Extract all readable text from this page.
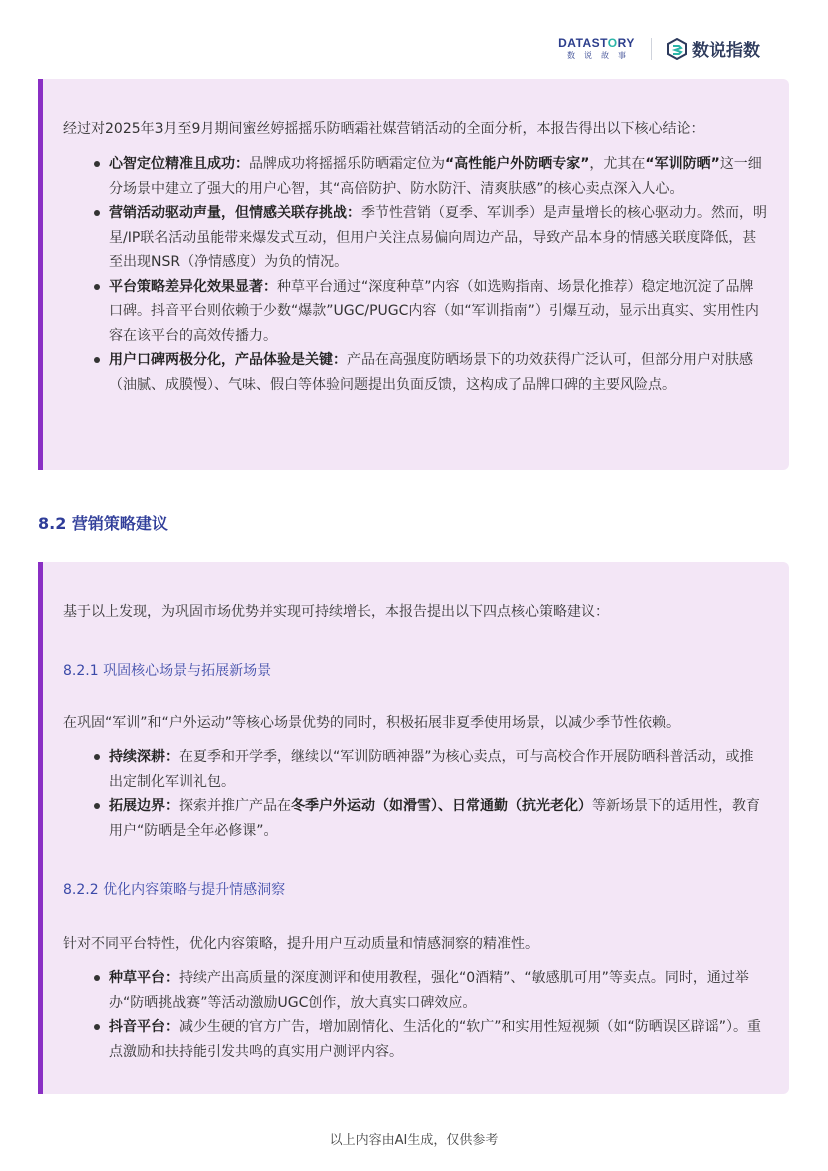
DATASTORY
数说故事	数说指数

经过对2025年3月至9月期间蜜丝婷摇摇乐防晒霜社媒营销活动的全面分析，本报告得出以下核心结论：

心智定位精准且成功：品牌成功将摇摇乐防晒霜定位为“高性能户外防晒专家”，尤其在“军训防晒”这一细分场景中建立了强大的用户心智，其“高倍防护、防水防汗、清爽肤感”的核心卖点深入人心。
营销活动驱动声量，但情感关联存挑战：季节性营销（夏季、军训季）是声量增长的核心驱动力。然而，明星/IP联名活动虽能带来爆发式互动，但用户关注点易偏向周边产品，导致产品本身的情感关联度降低，甚至出现NSR（净情感度）为负的情况。
平台策略差异化效果显著：种草平台通过“深度种草”内容（如选购指南、场景化推荐）稳定地沉淀了品牌口碑。抖音平台则依赖于少数“爆款”UGC/PUGC内容（如“军训指南”）引爆互动，显示出真实、实用性内容在该平台的高效传播力。
用户口碑两极分化，产品体验是关键：产品在高强度防晒场景下的功效获得广泛认可，但部分用户对肤感（油腻、成膜慢）、气味、假白等体验问题提出负面反馈，这构成了品牌口碑的主要风险点。
8.2 营销策略建议

基于以上发现，为巩固市场优势并实现可持续增长，本报告提出以下四点核心策略建议：

8.2.1 巩固核心场景与拓展新场景

在巩固“军训”和“户外运动”等核心场景优势的同时，积极拓展非夏季使用场景，以减少季节性依赖。

持续深耕：在夏季和开学季，继续以“军训防晒神器”为核心卖点，可与高校合作开展防晒科普活动，或推出定制化军训礼包。
拓展边界：探索并推广产品在冬季户外运动（如滑雪）、日常通勤（抗光老化）等新场景下的适用性，教育用户“防晒是全年必修课”。
8.2.2 优化内容策略与提升情感洞察

针对不同平台特性，优化内容策略，提升用户互动质量和情感洞察的精准性。

种草平台：持续产出高质量的深度测评和使用教程，强化“0酒精”、“敏感肌可用”等卖点。同时，通过举办“防晒挑战赛”等活动激励UGC创作，放大真实口碑效应。
抖音平台：减少生硬的官方广告，增加剧情化、生活化的“软广”和实用性短视频（如“防晒误区辟谣”）。重点激励和扶持能引发共鸣的真实用户测评内容。
以上内容由AI生成，仅供参考
